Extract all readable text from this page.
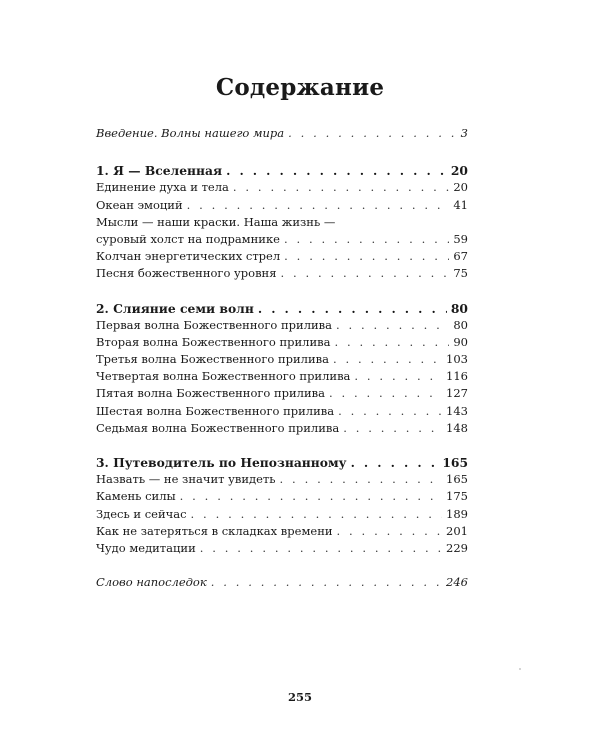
Содержание
Введение. Волны нашего мира . . .	3
1. Я — Вселенная . . .	20
Единение духа и тела . . .	20
Океан эмоций . . .	41
Мысли — наши краски. Наша жизнь —
суровый холст на подрамнике . . .	59
Колчан энергетических стрел . . .	67
Песня божественного уровня . . .	75
2. Слияние семи волн . . .	80
Первая волна Божественного прилива . . .	80
Вторая волна Божественного прилива . . .	90
Третья волна Божественного прилива . . .	103
Четвертая волна Божественного прилива . . .	116
Пятая волна Божественного прилива . . .	127
Шестая волна Божественного прилива . . .	143
Седьмая волна Божественного прилива . . .	148
3. Путеводитель по Непознанному . . .	165
Назвать — не значит увидеть . . .	165
Камень силы . . .	175
Здесь и сейчас . . .	189
Как не затеряться в складках времени . . .	201
Чудо медитации . . .	229
Слово напоследок . . .	246
255
